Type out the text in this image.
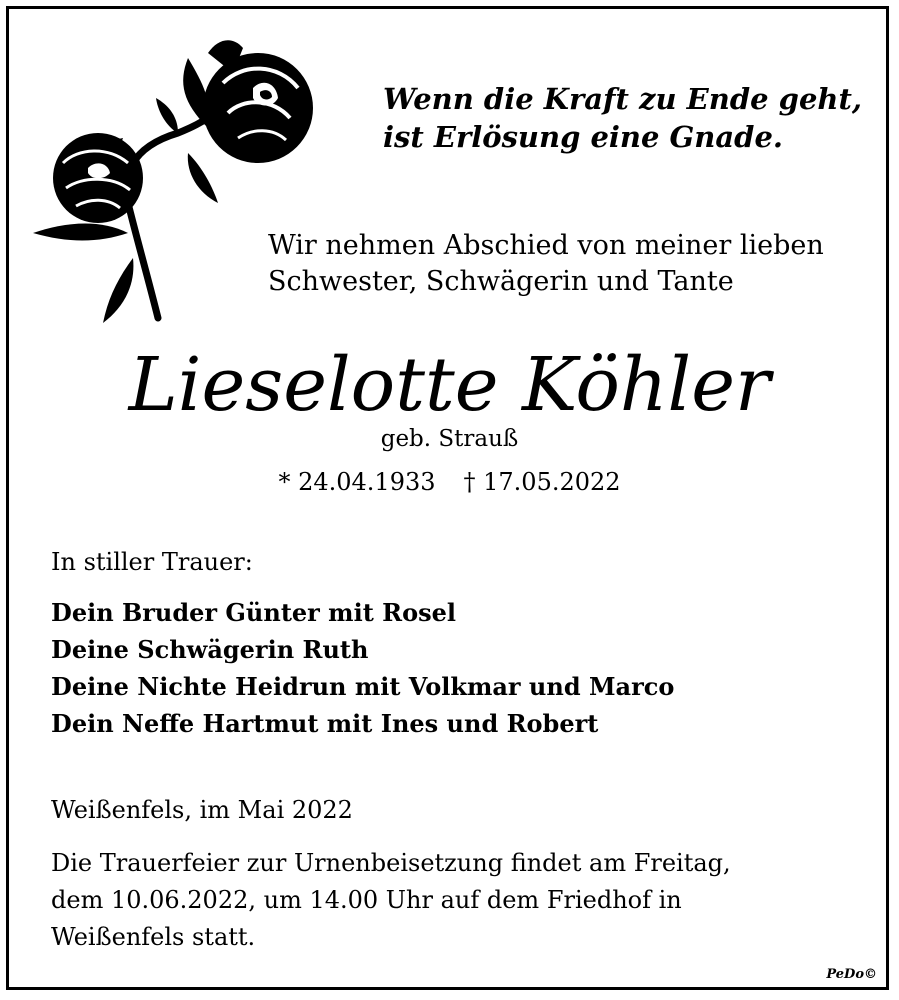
Wenn die Kraft zu Ende geht,
ist Erlösung eine Gnade.
Wir nehmen Abschied von meiner lieben
Schwester, Schwägerin und Tante
Lieselotte Köhler
geb. Strauß
* 24.04.1933 † 17.05.2022
In stiller Trauer:
Dein Bruder Günter mit Rosel
Deine Schwägerin Ruth
Deine Nichte Heidrun mit Volkmar und Marco
Dein Neffe Hartmut mit Ines und Robert
Weißenfels, im Mai 2022
Die Trauerfeier zur Urnenbeisetzung findet am Freitag,
dem 10.06.2022, um 14.00 Uhr auf dem Friedhof in
Weißenfels statt.
PeDo©
